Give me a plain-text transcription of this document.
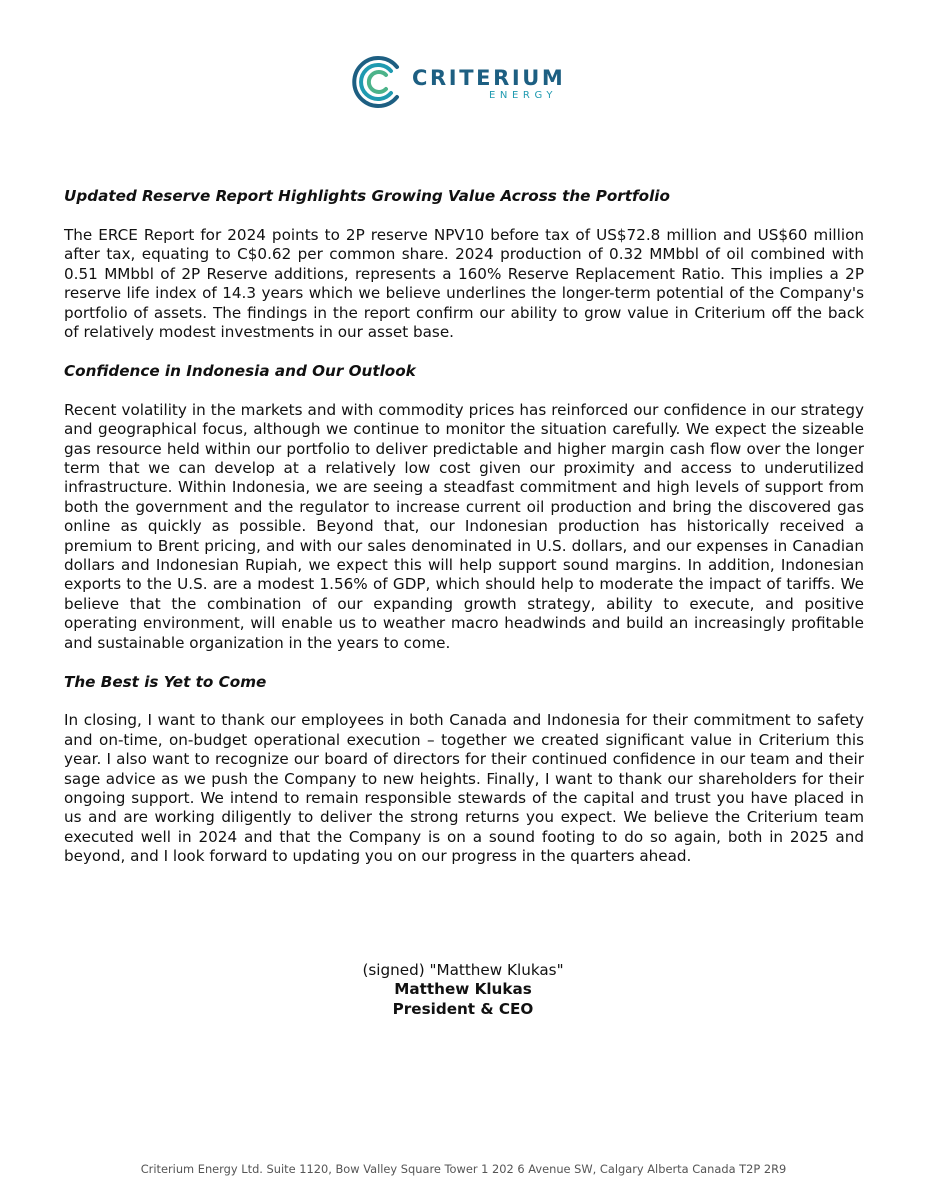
CRITERIUM
ENERGY
Updated Reserve Report Highlights Growing Value Across the Portfolio

The ERCE Report for 2024 points to 2P reserve NPV10 before tax of US$72.8 million and US$60 million after tax, equating to C$0.62 per common share. 2024 production of 0.32 MMbbl of oil combined with 0.51 MMbbl of 2P Reserve additions, represents a 160% Reserve Replacement Ratio. This implies a 2P reserve life index of 14.3 years which we believe underlines the longer-term potential of the Company's portfolio of assets. The findings in the report confirm our ability to grow value in Criterium off the back of relatively modest investments in our asset base.

Confidence in Indonesia and Our Outlook

Recent volatility in the markets and with commodity prices has reinforced our confidence in our strategy and geographical focus, although we continue to monitor the situation carefully. We expect the sizeable gas resource held within our portfolio to deliver predictable and higher margin cash flow over the longer term that we can develop at a relatively low cost given our proximity and access to underutilized infrastructure. Within Indonesia, we are seeing a steadfast commitment and high levels of support from both the government and the regulator to increase current oil production and bring the discovered gas online as quickly as possible. Beyond that, our Indonesian production has historically received a premium to Brent pricing, and with our sales denominated in U.S. dollars, and our expenses in Canadian dollars and Indonesian Rupiah, we expect this will help support sound margins. In addition, Indonesian exports to the U.S. are a modest 1.56% of GDP, which should help to moderate the impact of tariffs. We believe that the combination of our expanding growth strategy, ability to execute, and positive operating environment, will enable us to weather macro headwinds and build an increasingly profitable and sustainable organization in the years to come.

The Best is Yet to Come

In closing, I want to thank our employees in both Canada and Indonesia for their commitment to safety and on-time, on-budget operational execution – together we created significant value in Criterium this year. I also want to recognize our board of directors for their continued confidence in our team and their sage advice as we push the Company to new heights. Finally, I want to thank our shareholders for their ongoing support. We intend to remain responsible stewards of the capital and trust you have placed in us and are working diligently to deliver the strong returns you expect. We believe the Criterium team executed well in 2024 and that the Company is on a sound footing to do so again, both in 2025 and beyond, and I look forward to updating you on our progress in the quarters ahead.

(signed) "Matthew Klukas"
Matthew Klukas
President & CEO
Criterium Energy Ltd. Suite 1120, Bow Valley Square Tower 1 202 6 Avenue SW, Calgary Alberta Canada T2P 2R9
